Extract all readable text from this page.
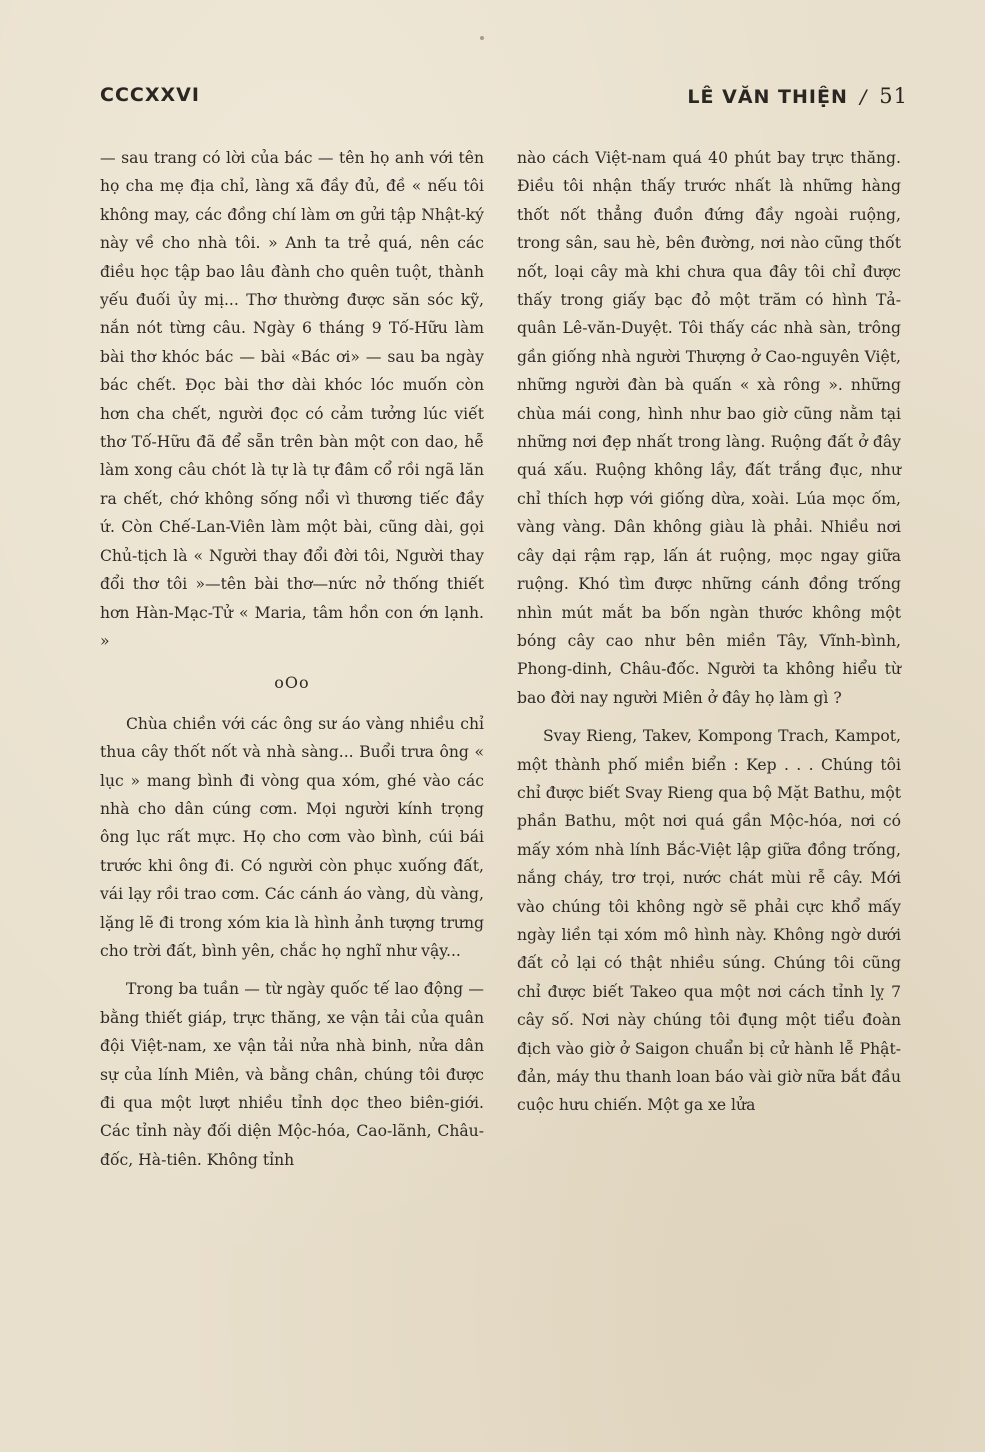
CCCXXVI	LÊ VĂN THIỆN / 51

— sau trang có lời của bác — tên họ anh với tên họ cha mẹ địa chỉ, làng xã đầy đủ, đề « nếu tôi không may, các đồng chí làm ơn gửi tập Nhật-ký này về cho nhà tôi. » Anh ta trẻ quá, nên các điều học tập bao lâu đành cho quên tuột, thành yếu đuối ủy mị... Thơ thường được săn sóc kỹ, nắn nót từng câu. Ngày 6 tháng 9 Tố-Hữu làm bài thơ khóc bác — bài «Bác ơi» — sau ba ngày bác chết. Đọc bài thơ dài khóc lóc muốn còn hơn cha chết, người đọc có cảm tưởng lúc viết thơ Tố-Hữu đã để sẵn trên bàn một con dao, hễ làm xong câu chót là tự là tự đâm cổ rồi ngã lăn ra chết, chớ không sống nổi vì thương tiếc đầy ứ. Còn Chế-Lan-Viên làm một bài, cũng dài, gọi Chủ-tịch là « Người thay đổi đời tôi, Người thay đổi thơ tôi »—tên bài thơ—nức nở thống thiết hơn Hàn-Mạc-Tử « Maria, tâm hồn con ớn lạnh. »

oOo

Chùa chiền với các ông sư áo vàng nhiều chỉ thua cây thốt nốt và nhà sàng... Buổi trưa ông « lục » mang bình đi vòng qua xóm, ghé vào các nhà cho dân cúng cơm. Mọi người kính trọng ông lục rất mực. Họ cho cơm vào bình, cúi bái trước khi ông đi. Có người còn phục xuống đất, vái lạy rồi trao cơm. Các cánh áo vàng, dù vàng, lặng lẽ đi trong xóm kia là hình ảnh tượng trưng cho trời đất, bình yên, chắc họ nghĩ như vậy...

Trong ba tuần — từ ngày quốc tế lao động — bằng thiết giáp, trực thăng, xe vận tải của quân đội Việt-nam, xe vận tải nửa nhà binh, nửa dân sự của lính Miên, và bằng chân, chúng tôi được đi qua một lượt nhiều tỉnh dọc theo biên-giới. Các tỉnh này đối diện Mộc-hóa, Cao-lãnh, Châu-đốc, Hà-tiên. Không tỉnh

nào cách Việt-nam quá 40 phút bay trực thăng. Điều tôi nhận thấy trước nhất là những hàng thốt nốt thẳng đuồn đứng đầy ngoài ruộng, trong sân, sau hè, bên đường, nơi nào cũng thốt nốt, loại cây mà khi chưa qua đây tôi chỉ được thấy trong giấy bạc đỏ một trăm có hình Tả-quân Lê-văn-Duyệt. Tôi thấy các nhà sàn, trông gần giống nhà người Thượng ở Cao-nguyên Việt, những người đàn bà quấn « xà rông ». những chùa mái cong, hình như bao giờ cũng nằm tại những nơi đẹp nhất trong làng. Ruộng đất ở đây quá xấu. Ruộng không lầy, đất trắng đục, như chỉ thích hợp với giống dừa, xoài. Lúa mọc ốm, vàng vàng. Dân không giàu là phải. Nhiều nơi cây dại rậm rạp, lấn át ruộng, mọc ngay giữa ruộng. Khó tìm được những cánh đồng trống nhìn mút mắt ba bốn ngàn thước không một bóng cây cao như bên miền Tây, Vĩnh-bình, Phong-dinh, Châu-đốc. Người ta không hiểu từ bao đời nay người Miên ở đây họ làm gì ?

Svay Rieng, Takev, Kompong Trach, Kampot, một thành phố miền biển : Kep . . . Chúng tôi chỉ được biết Svay Rieng qua bộ Mặt Bathu, một phần Bathu, một nơi quá gần Mộc-hóa, nơi có mấy xóm nhà lính Bắc-Việt lập giữa đồng trống, nắng cháy, trơ trọi, nước chát mùi rễ cây. Mới vào chúng tôi không ngờ sẽ phải cực khổ mấy ngày liền tại xóm mô hình này. Không ngờ dưới đất cỏ lại có thật nhiều súng. Chúng tôi cũng chỉ được biết Takeo qua một nơi cách tỉnh lỵ 7 cây số. Nơi này chúng tôi đụng một tiểu đoàn địch vào giờ ở Saigon chuẩn bị cử hành lễ Phật-đản, máy thu thanh loan báo vài giờ nữa bắt đầu cuộc hưu chiến. Một ga xe lửa
